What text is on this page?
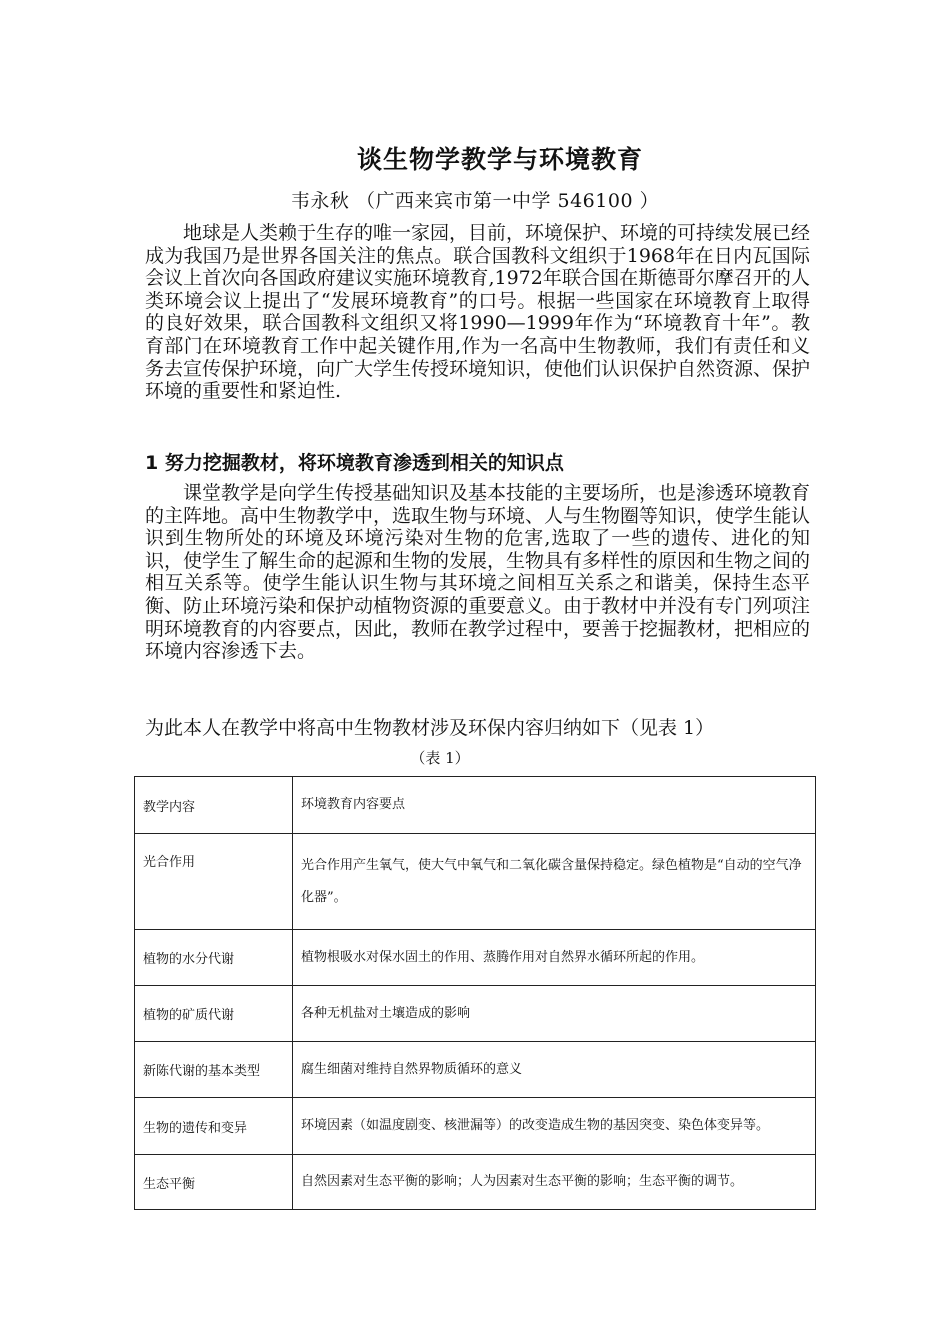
谈生物学教学与环境教育
韦永秋 （广西来宾市第一中学 546100 ）

地球是人类赖于生存的唯一家园，目前，环境保护、环境的可持续发展已经成为我国乃是世界各国关注的焦点。联合国教科文组织于1968年在日内瓦国际会议上首次向各国政府建议实施环境教育,1972年联合国在斯德哥尔摩召开的人类环境会议上提出了“发展环境教育”的口号。根据一些国家在环境教育上取得的良好效果，联合国教科文组织又将1990—1999年作为“环境教育十年”。教育部门在环境教育工作中起关键作用,作为一名高中生物教师，我们有责任和义务去宣传保护环境，向广大学生传授环境知识，使他们认识保护自然资源、保护环境的重要性和紧迫性.

1 努力挖掘教材，将环境教育渗透到相关的知识点

课堂教学是向学生传授基础知识及基本技能的主要场所，也是渗透环境教育的主阵地。高中生物教学中，选取生物与环境、人与生物圈等知识，使学生能认识到生物所处的环境及环境污染对生物的危害,选取了一些的遗传、进化的知识，使学生了解生命的起源和生物的发展，生物具有多样性的原因和生物之间的相互关系等。使学生能认识生物与其环境之间相互关系之和谐美，保持生态平衡、防止环境污染和保护动植物资源的重要意义。由于教材中并没有专门列项注明环境教育的内容要点，因此，教师在教学过程中，要善于挖掘教材，把相应的环境内容渗透下去。

为此本人在教学中将高中生物教材涉及环保内容归纳如下（见表 1）
（表 1）
教学内容	环境教育内容要点
光合作用	光合作用产生氧气，使大气中氧气和二氧化碳含量保持稳定。绿色植物是“自动的空气净化器”。
植物的水分代谢	植物根吸水对保水固土的作用、蒸腾作用对自然界水循环所起的作用。
植物的矿质代谢	各种无机盐对土壤造成的影响
新陈代谢的基本类型	腐生细菌对维持自然界物质循环的意义
生物的遗传和变异	环境因素（如温度剧变、核泄漏等）的改变造成生物的基因突变、染色体变异等。
生态平衡	自然因素对生态平衡的影响；人为因素对生态平衡的影响；生态平衡的调节。
